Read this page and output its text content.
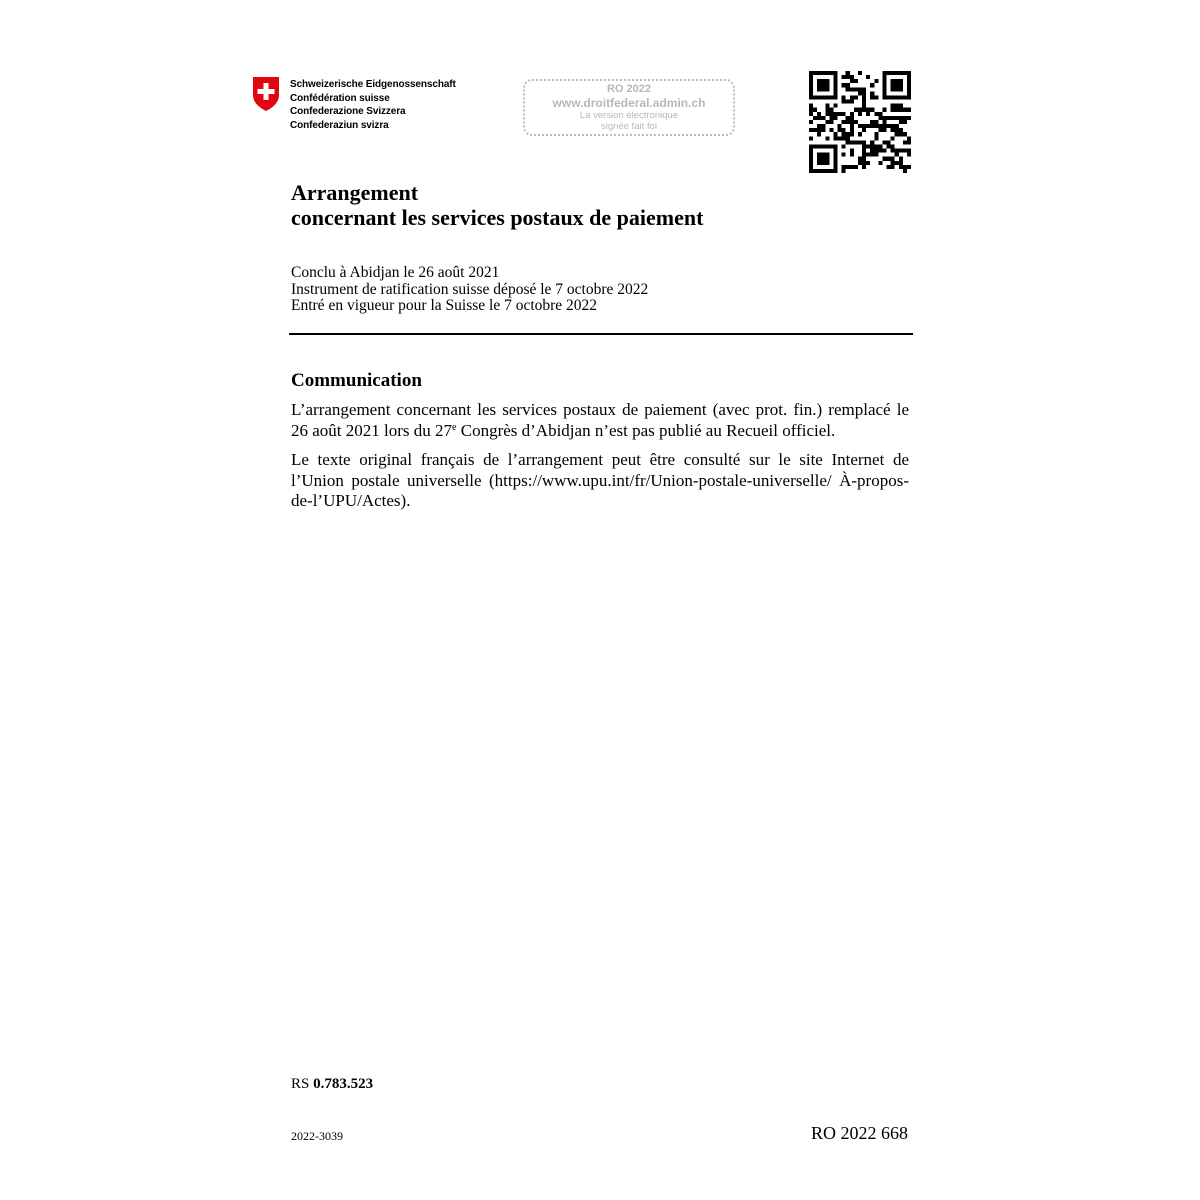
Schweizerische Eidgenossenschaft
Confédération suisse
Confederazione Svizzera
Confederaziun svizra
RO 2022
www.droitfederal.admin.ch
La version électronique
signée fait foi
Arrangement
concernant les services postaux de paiement
Conclu à Abidjan le 26 août 2021
Instrument de ratification suisse déposé le 7 octobre 2022
Entré en vigueur pour la Suisse le 7 octobre 2022
Communication

L’arrangement concernant les services postaux de paiement (avec prot. fin.) remplacé le 26 août 2021 lors du 27e Congrès d’Abidjan n’est pas publié au Recueil officiel.

Le texte original français de l’arrangement peut être consulté sur le site Internet de l’Union postale universelle (https://www.upu.int/fr/Union-postale-universelle/ À-propos-de-l’UPU/Actes).

RS 0.783.523
2022-3039	RO 2022 668
